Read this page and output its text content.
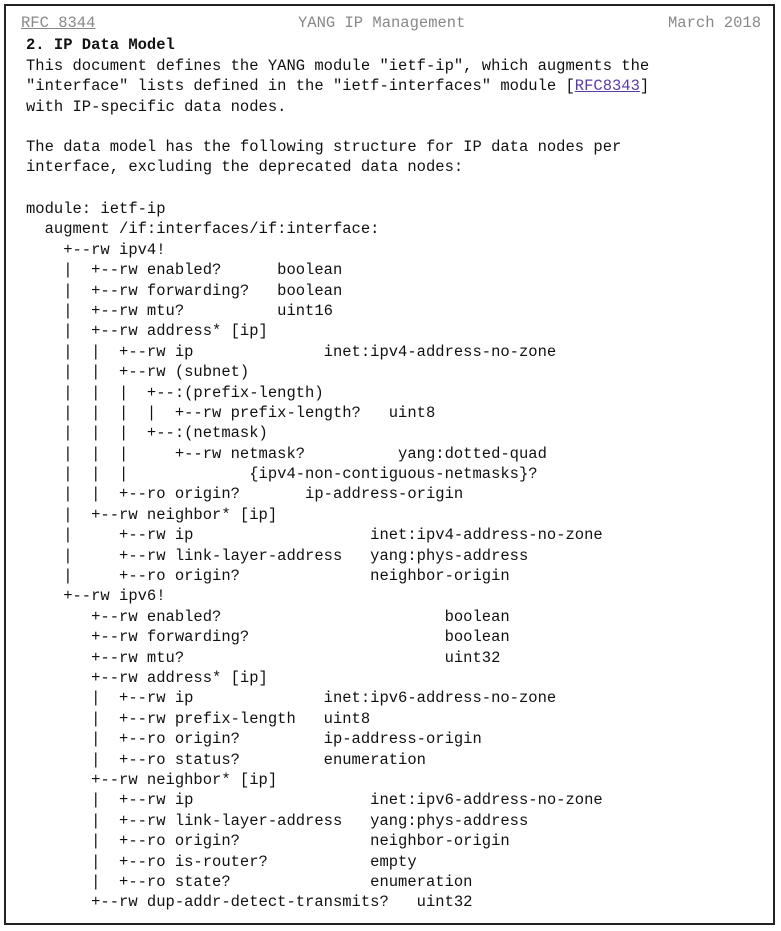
RFC 8344	YANG IP Management	March 2018
2. IP Data Model
This document defines the YANG module "ietf-ip", which augments the
"interface" lists defined in the "ietf-interfaces" module [RFC8343]
with IP-specific data nodes.

The data model has the following structure for IP data nodes per
interface, excluding the deprecated data nodes:
module: ietf-ip
augment /if:interfaces/if:interface:
+--rw ipv4!
|  +--rw enabled?      boolean
|  +--rw forwarding?   boolean
|  +--rw mtu?          uint16
|  +--rw address* [ip]
|  |  +--rw ip              inet:ipv4-address-no-zone
|  |  +--rw (subnet)
|  |  |  +--:(prefix-length)
|  |  |  |  +--rw prefix-length?   uint8
|  |  |  +--:(netmask)
|  |  |     +--rw netmask?          yang:dotted-quad
|  |  |             {ipv4-non-contiguous-netmasks}?
|  |  +--ro origin?       ip-address-origin
|  +--rw neighbor* [ip]
|     +--rw ip                   inet:ipv4-address-no-zone
|     +--rw link-layer-address   yang:phys-address
|     +--ro origin?              neighbor-origin
+--rw ipv6!
+--rw enabled?                        boolean
+--rw forwarding?                     boolean
+--rw mtu?                            uint32
+--rw address* [ip]
|  +--rw ip              inet:ipv6-address-no-zone
|  +--rw prefix-length   uint8
|  +--ro origin?         ip-address-origin
|  +--ro status?         enumeration
+--rw neighbor* [ip]
|  +--rw ip                   inet:ipv6-address-no-zone
|  +--rw link-layer-address   yang:phys-address
|  +--ro origin?              neighbor-origin
|  +--ro is-router?           empty
|  +--ro state?               enumeration
+--rw dup-addr-detect-transmits?   uint32
